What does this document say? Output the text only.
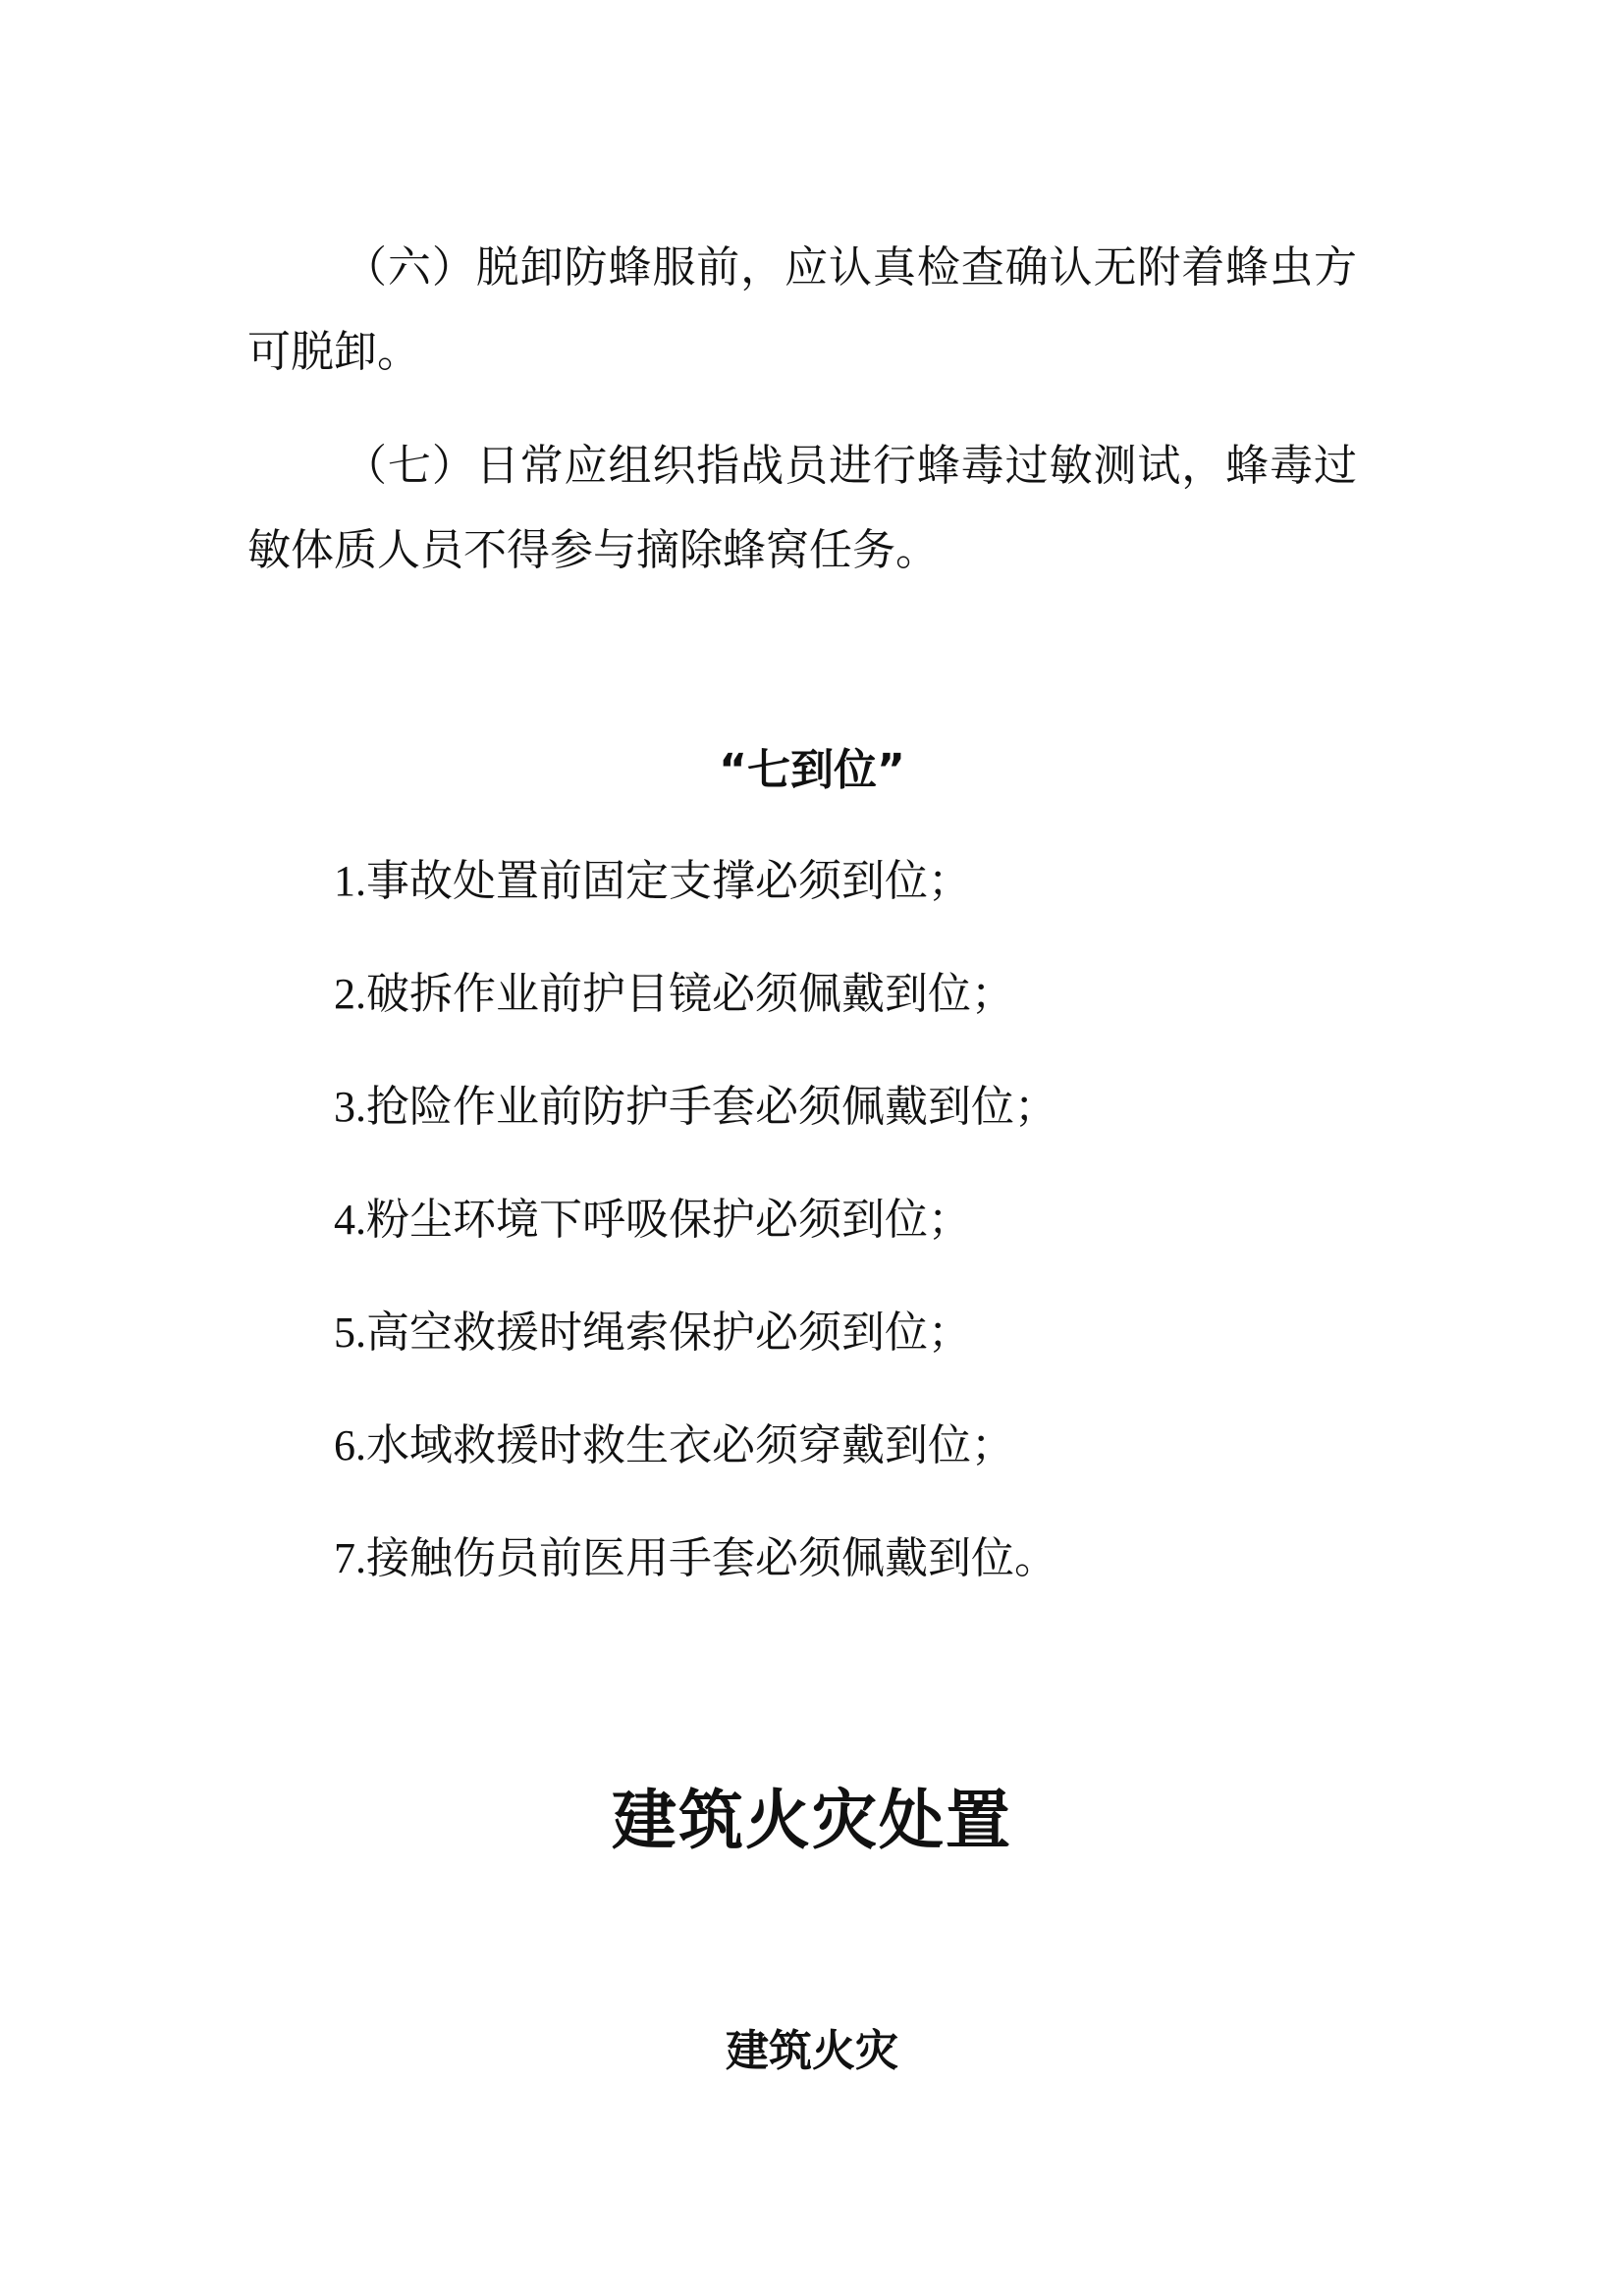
（六）脱卸防蜂服前，应认真检查确认无附着蜂虫方可脱卸。

（七）日常应组织指战员进行蜂毒过敏测试，蜂毒过敏体质人员不得参与摘除蜂窝任务。

“七到位”
1.事故处置前固定支撑必须到位；
2.破拆作业前护目镜必须佩戴到位；
3.抢险作业前防护手套必须佩戴到位；
4.粉尘环境下呼吸保护必须到位；
5.高空救援时绳索保护必须到位；
6.水域救援时救生衣必须穿戴到位；
7.接触伤员前医用手套必须佩戴到位。
建筑火灾处置
建筑火灾
